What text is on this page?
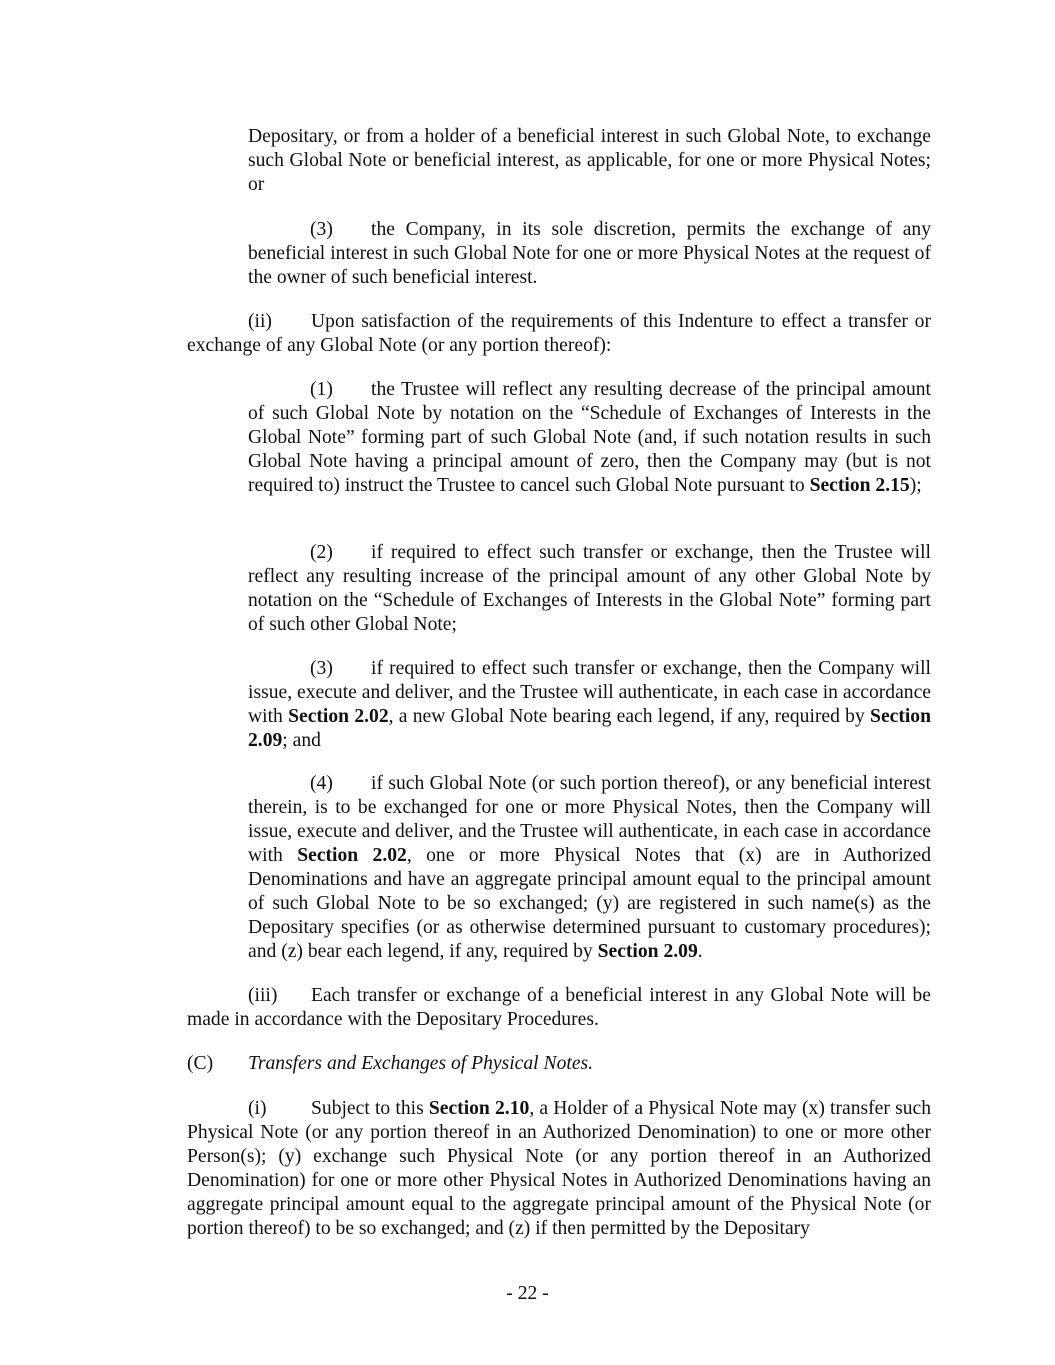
Depositary, or from a holder of a beneficial interest in such Global Note, to exchange such Global Note or beneficial interest, as applicable, for one or more Physical Notes; or

(3) the Company, in its sole discretion, permits the exchange of any beneficial interest in such Global Note for one or more Physical Notes at the request of the owner of such beneficial interest.

(ii) Upon satisfaction of the requirements of this Indenture to effect a transfer or exchange of any Global Note (or any portion thereof):

(1) the Trustee will reflect any resulting decrease of the principal amount of such Global Note by notation on the “Schedule of Exchanges of Interests in the Global Note” forming part of such Global Note (and, if such notation results in such Global Note having a principal amount of zero, then the Company may (but is not required to) instruct the Trustee to cancel such Global Note pursuant to Section 2.15);

(2) if required to effect such transfer or exchange, then the Trustee will reflect any resulting increase of the principal amount of any other Global Note by notation on the “Schedule of Exchanges of Interests in the Global Note” forming part of such other Global Note;

(3) if required to effect such transfer or exchange, then the Company will issue, execute and deliver, and the Trustee will authenticate, in each case in accordance with Section 2.02, a new Global Note bearing each legend, if any, required by Section 2.09; and

(4) if such Global Note (or such portion thereof), or any beneficial interest therein, is to be exchanged for one or more Physical Notes, then the Company will issue, execute and deliver, and the Trustee will authenticate, in each case in accordance with Section 2.02, one or more Physical Notes that (x) are in Authorized Denominations and have an aggregate principal amount equal to the principal amount of such Global Note to be so exchanged; (y) are registered in such name(s) as the Depositary specifies (or as otherwise determined pursuant to customary procedures); and (z) bear each legend, if any, required by Section 2.09.

(iii) Each transfer or exchange of a beneficial interest in any Global Note will be made in accordance with the Depositary Procedures.

(C) Transfers and Exchanges of Physical Notes.

(i) Subject to this Section 2.10, a Holder of a Physical Note may (x) transfer such Physical Note (or any portion thereof in an Authorized Denomination) to one or more other Person(s); (y) exchange such Physical Note (or any portion thereof in an Authorized Denomination) for one or more other Physical Notes in Authorized Denominations having an aggregate principal amount equal to the aggregate principal amount of the Physical Note (or portion thereof) to be so exchanged; and (z) if then permitted by the Depositary

- 22 -
